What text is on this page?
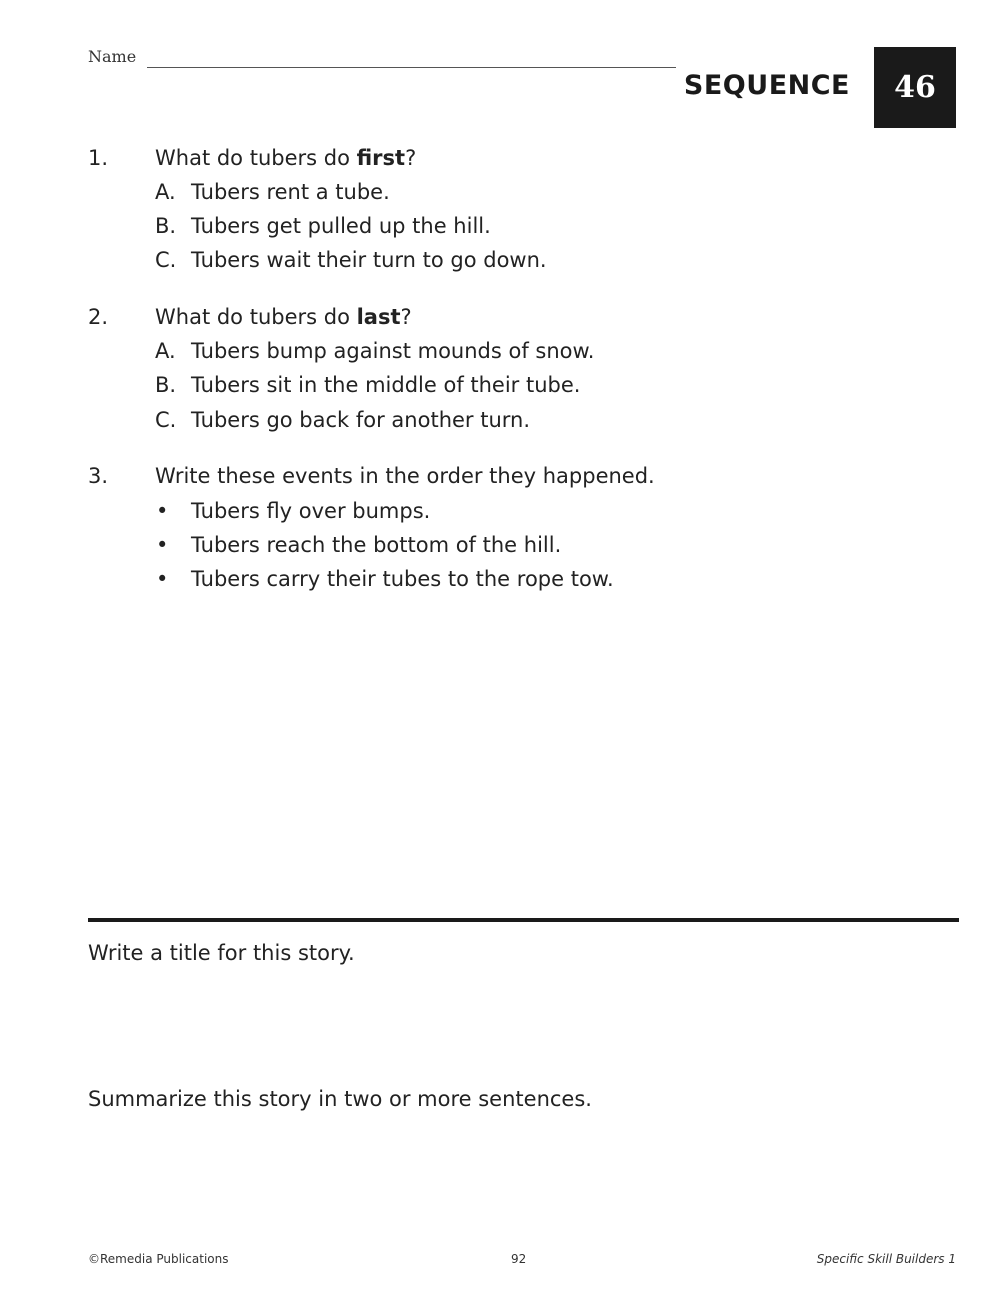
Name
SEQUENCE 46
1. What do tubers do first?
A. Tubers rent a tube.
B. Tubers get pulled up the hill.
C. Tubers wait their turn to go down.
2. What do tubers do last?
A. Tubers bump against mounds of snow.
B. Tubers sit in the middle of their tube.
C. Tubers go back for another turn.
3. Write these events in the order they happened.
• Tubers fly over bumps.
• Tubers reach the bottom of the hill.
• Tubers carry their tubes to the rope tow.
Write a title for this story.
Summarize this story in two or more sentences.
©Remedia Publications	92	Specific Skill Builders 1
